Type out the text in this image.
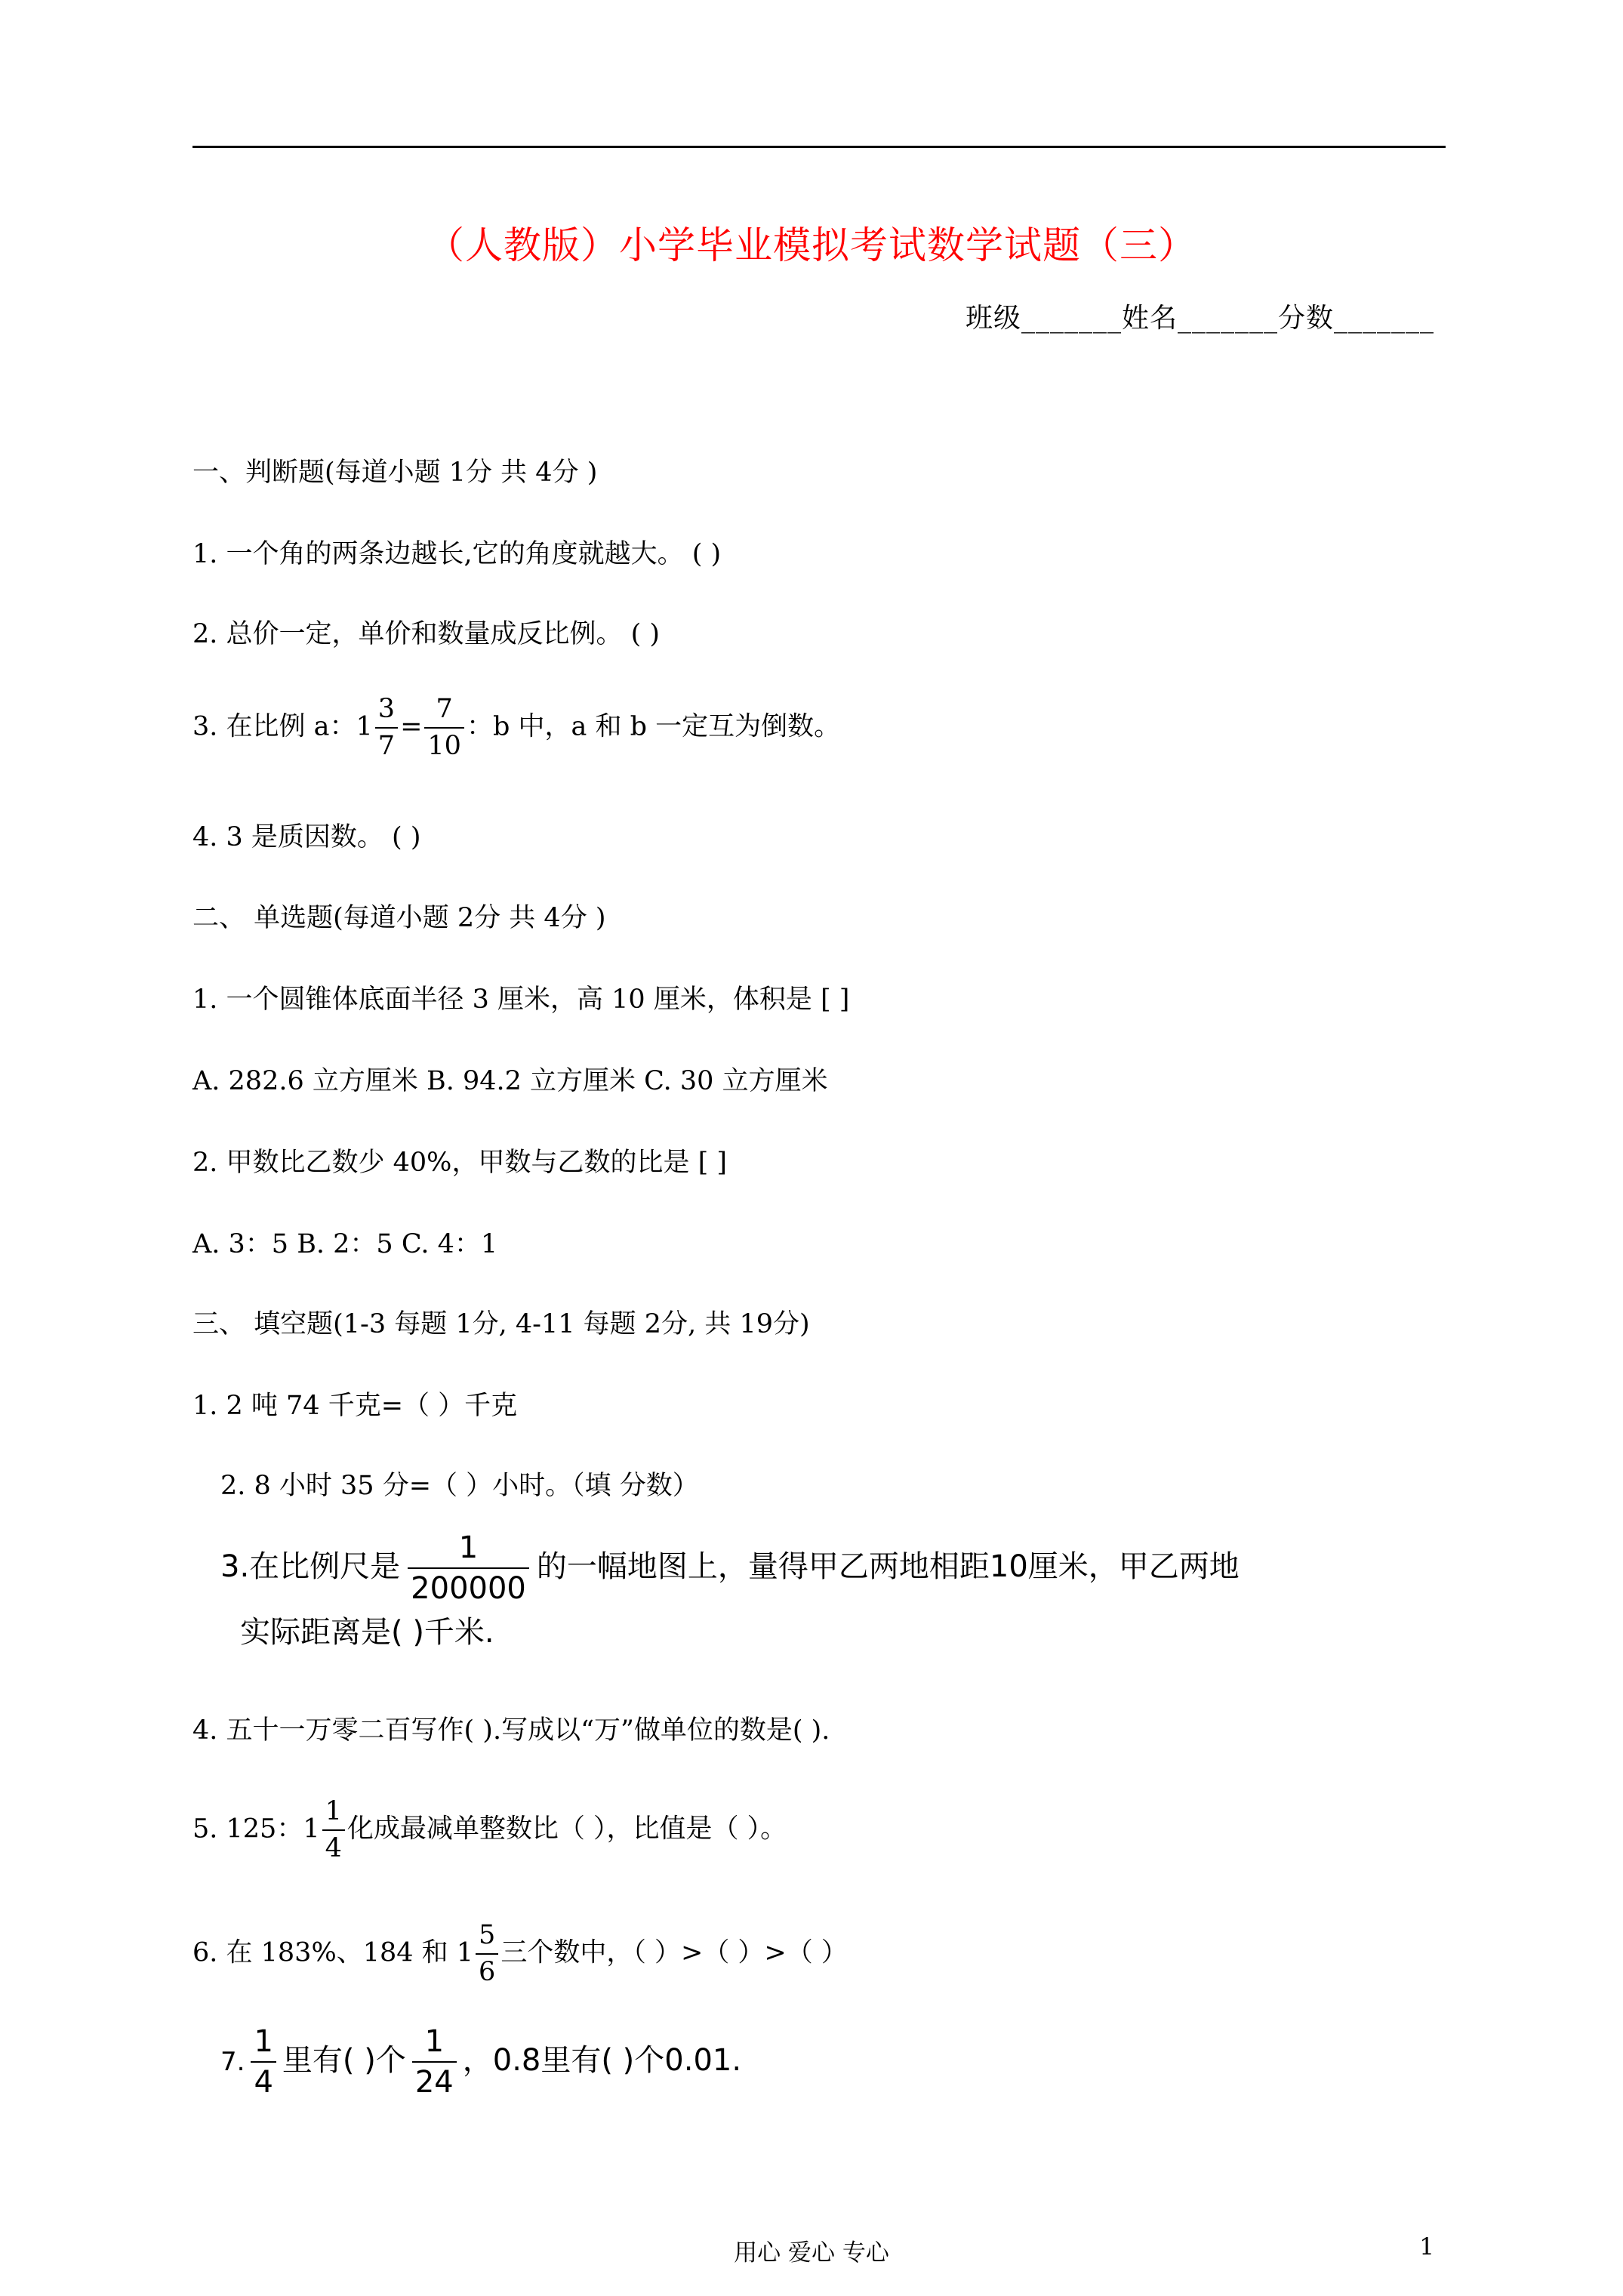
（人教版）小学毕业模拟考试数学试题（三）
班级_______姓名_______分数_______
一、判断题(每道小题 1分 共 4分 )
1. 一个角的两条边越长,它的角度就越大。 ( )
2. 总价一定，单价和数量成反比例。 ( )
3. 在比例 a：$1 \frac{3}{7} = \frac{7}{10}$ ：b 中，a 和 b 一定互为倒数。
4. 3 是质因数。 ( )
二、 单选题(每道小题 2分 共 4分 )
1. 一个圆锥体底面半径 3 厘米，高 10 厘米，体积是 [ ]
A. 282.6 立方厘米 B. 94.2 立方厘米 C. 30 立方厘米
2. 甲数比乙数少 40%，甲数与乙数的比是 [ ]
A. 3：5 B. 2：5 C. 4：1
三、 填空题(1-3 每题 1分, 4-11 每题 2分, 共 19分)
1. 2 吨 74 千克=（ ）千克
2. 8 小时 35 分=（ ）小时。（填 分数）
3.在比例尺是 $\frac{1}{200000}$ 的一幅地图上，量得甲乙两地相距10厘米，甲乙两地
实际距离是( )千米.
4. 五十一万零二百写作( ).写成以“万”做单位的数是( ).
5. 125：$1 \frac{1}{4}$ 化成最减单整数比（ ），比值是（ ）。
6. 在 183%、184 和 $1 \frac{5}{6}$ 三个数中，（ ）>（ ）>（ ）
7. $\frac{1}{4}$ 里有( )个 $\frac{1}{24}$ ，0.8里有( )个0.01.
用心 爱心 专心	1
